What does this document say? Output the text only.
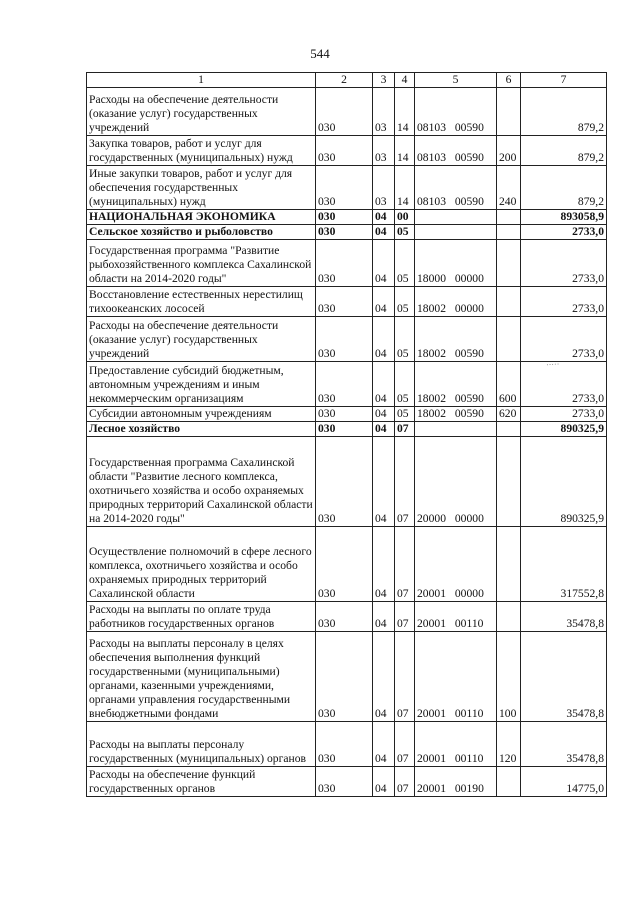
544
1	2	3	4	5	6	7
Расходы на обеспечение деятельности (оказание услуг) государственных учреждений	030	03	14	08103 00590		879,2
Закупка товаров, работ и услуг для государственных (муниципальных) нужд	030	03	14	08103 00590	200	879,2
Иные закупки товаров, работ и услуг для обеспечения государственных (муниципальных) нужд	030	03	14	08103 00590	240	879,2
НАЦИОНАЛЬНАЯ ЭКОНОМИКА	030	04	00			893058,9
Сельское хозяйство и рыболовство	030	04	05			2733,0
Государственная программа "Развитие рыбохозяйственного комплекса Сахалинской области на 2014-2020 годы"	030	04	05	18000 00000		2733,0
Восстановление естественных нерестилищ тихоокеанских лососей	030	04	05	18002 00000		2733,0
Расходы на обеспечение деятельности (оказание услуг) государственных учреждений	030	04	05	18002 00590		2733,0
Предоставление субсидий бюджетным, автономным учреждениям и иным некоммерческим организациям	030	04	05	18002 00590	600	2733,0
Субсидии автономным учреждениям	030	04	05	18002 00590	620	2733,0
Лесное хозяйство	030	04	07			890325,9
Государственная программа Сахалинской области "Развитие лесного комплекса, охотничьего хозяйства и особо охраняемых природных территорий Сахалинской области на 2014-2020 годы"	030	04	07	20000 00000		890325,9
Осуществление полномочий в сфере лесного комплекса, охотничьего хозяйства и особо охраняемых природных территорий Сахалинской области	030	04	07	20001 00000		317552,8
Расходы на выплаты по оплате труда работников государственных органов	030	04	07	20001 00110		35478,8
Расходы на выплаты персоналу в целях обеспечения выполнения функций государственными (муниципальными) органами, казенными учреждениями, органами управления государственными внебюджетными фондами	030	04	07	20001 00110	100	35478,8
Расходы на выплаты персоналу государственных (муниципальных) органов	030	04	07	20001 00110	120	35478,8
Расходы на обеспечение функций государственных органов	030	04	07	20001 00190		14775,0
·····
